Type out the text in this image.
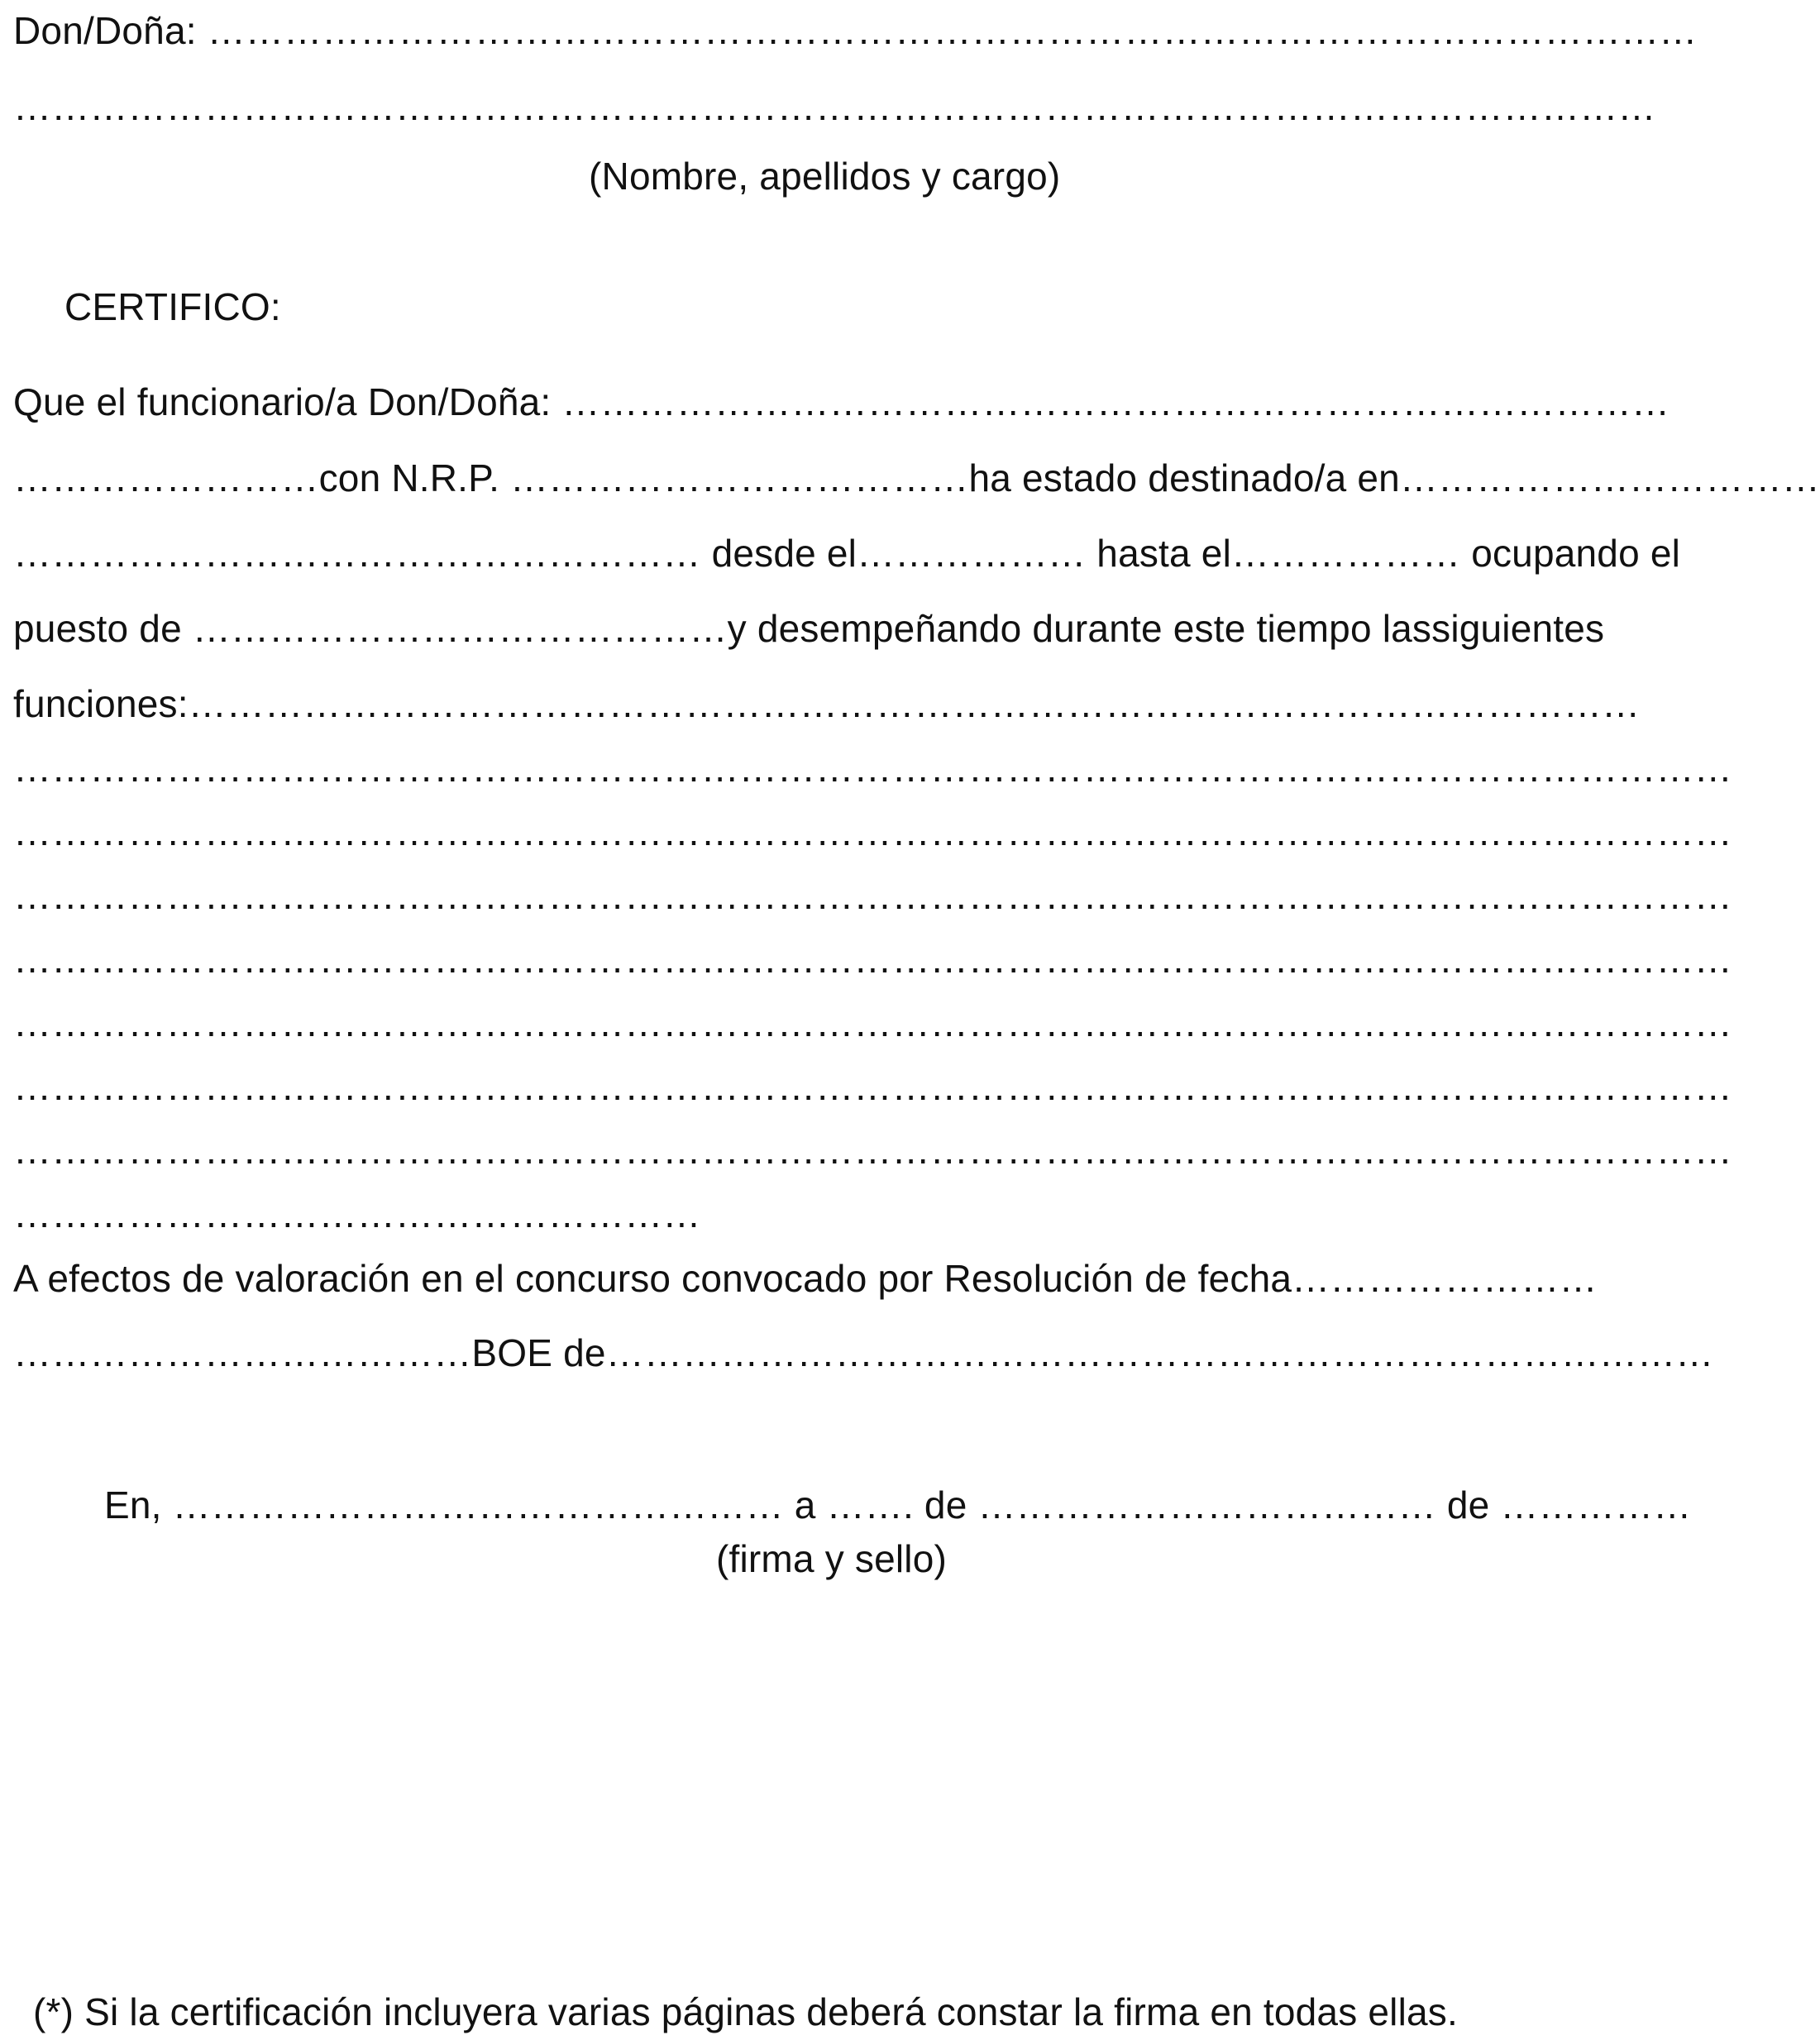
Don/Doña: ………………………………………………………………………………………………………
…………………………………………………………………………………………………………………
(Nombre, apellidos y cargo)
CERTIFICO:
Que el funcionario/a Don/Doña: ……………………………………………………………………………
……………………con N.R.P. ………………………………ha estado destinado/a en ……………………………
……………………………………………… desde el ……………… hasta el ……………… ocupando el
puesto de ……………………………………y desempeñando durante este tiempo las siguientes
funciones:……………………………………………………………………………………………………
………………………………………………………………………………………………………………………
………………………………………………………………………………………………………………………
………………………………………………………………………………………………………………………
………………………………………………………………………………………………………………………
………………………………………………………………………………………………………………………
………………………………………………………………………………………………………………………
………………………………………………………………………………………………………………………
………………………………………………
A efectos de valoración en el concurso convocado por Resolución de fecha ……………………
………………………………BOE de ……………………………………………………………………………
En, ………………………………………… a ……. de ……………………………… de ……………
(firma y sello)
(*) Si la certificación incluyera varias páginas deberá constar la firma en todas ellas.
